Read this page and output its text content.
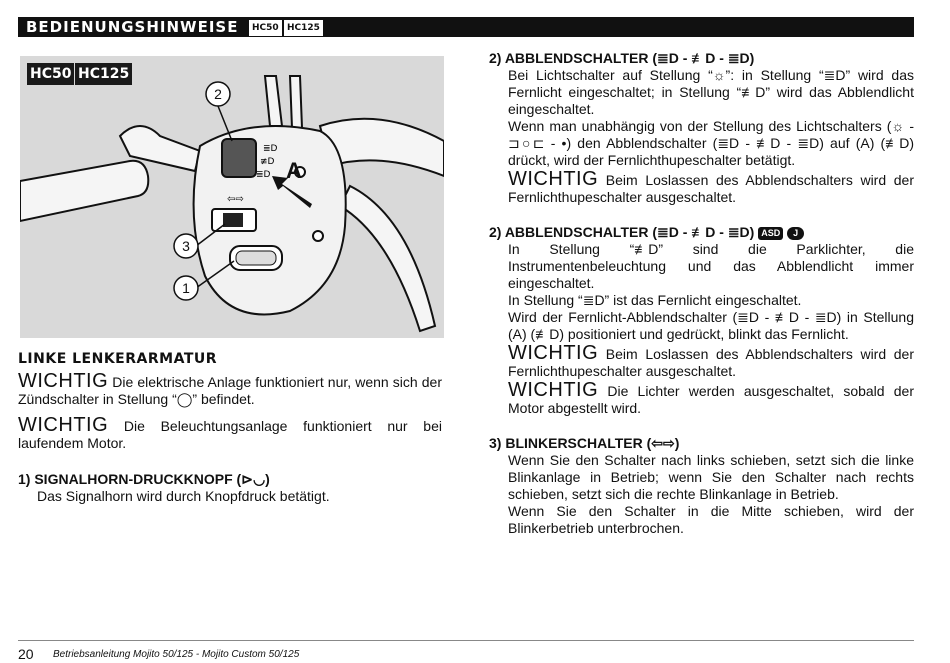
BEDIENUNGSHINWEISE	HC50 HC125
≣D
≢D
≣D
⇦⇨
HC50 HC125
2
3
1
A
LINKE LENKERARMATUR

WICHTIG Die elektrische Anlage funktioniert nur, wenn sich der Zündschalter in Stellung “◯” befindet.

WICHTIG Die Beleuchtungsanlage funktioniert nur bei laufendem Motor.

1) SIGNALHORN-DRUCKKNOPF (⊳◡)

Das Signalhorn wird durch Knopfdruck betätigt.

2) ABBLENDSCHALTER (≣D - ≢D - ≣D)

Bei Lichtschalter auf Stellung “☼”: in Stellung “≣D” wird das Fernlicht eingeschaltet; in Stellung “≢D” wird das Abblendlicht eingeschaltet.

Wenn man unabhängig von der Stellung des Lichtschalters (☼ - ⊐○⊏ - •) den Abblendschalter (≣D - ≢D - ≣D) auf (A) (≢D) drückt, wird der Fernlichthupeschalter betätigt.

WICHTIG Beim Loslassen des Abblendschalters wird der Fernlichthupeschalter ausgeschaltet.

2) ABBLENDSCHALTER (≣D - ≢D - ≣D) ASD J

In Stellung “≢D” sind die Parklichter, die Instrumentenbeleuchtung und das Abblendlicht immer eingeschaltet.

In Stellung “≣D” ist das Fernlicht eingeschaltet.

Wird der Fernlicht-Abblendschalter (≣D - ≢D - ≣D) in Stellung (A) (≢D) positioniert und gedrückt, blinkt das Fernlicht.

WICHTIG Beim Loslassen des Abblendschalters wird der Fernlichthupeschalter ausgeschaltet.

WICHTIG Die Lichter werden ausgeschaltet, sobald der Motor abgestellt wird.

3) BLINKERSCHALTER (⇦⇨)

Wenn Sie den Schalter nach links schieben, setzt sich die linke Blinkanlage in Betrieb; wenn Sie den Schalter nach rechts schieben, setzt sich die rechte Blinkanlage in Betrieb.

Wenn Sie den Schalter in die Mitte schieben, wird der Blinkerbetrieb unterbrochen.

20 Betriebsanleitung Mojito 50/125 - Mojito Custom 50/125
